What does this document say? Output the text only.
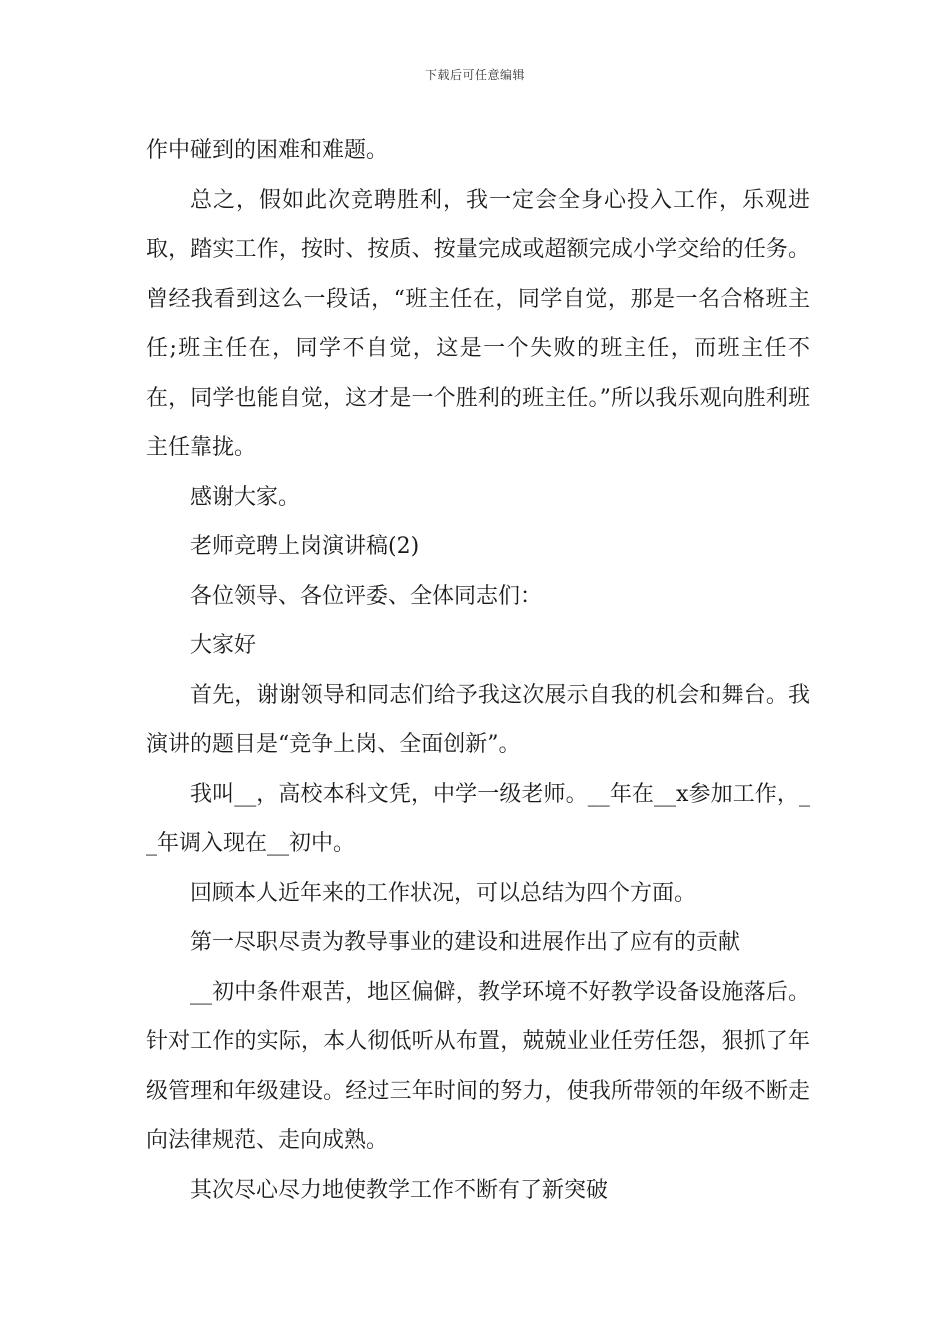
下载后可任意编辑

作中碰到的困难和难题。

总之，假如此次竞聘胜利，我一定会全身心投入工作，乐观进取，踏实工作，按时、按质、按量完成或超额完成小学交给的任务。曾经我看到这么一段话，“班主任在，同学自觉，那是一名合格班主任;班主任在，同学不自觉，这是一个失败的班主任，而班主任不在，同学也能自觉，这才是一个胜利的班主任。”所以我乐观向胜利班主任靠拢。

感谢大家。

老师竞聘上岗演讲稿(2)

各位领导、各位评委、全体同志们：

大家好

首先，谢谢领导和同志们给予我这次展示自我的机会和舞台。我演讲的题目是“竞争上岗、全面创新”。

我叫__，高校本科文凭，中学一级老师。__年在__x参加工作，__年调入现在__初中。

回顾本人近年来的工作状况，可以总结为四个方面。

第一尽职尽责为教导事业的建设和进展作出了应有的贡献

__初中条件艰苦，地区偏僻，教学环境不好教学设备设施落后。针对工作的实际，本人彻低听从布置，兢兢业业任劳任怨，狠抓了年级管理和年级建设。经过三年时间的努力，使我所带领的年级不断走向法律规范、走向成熟。

其次尽心尽力地使教学工作不断有了新突破
